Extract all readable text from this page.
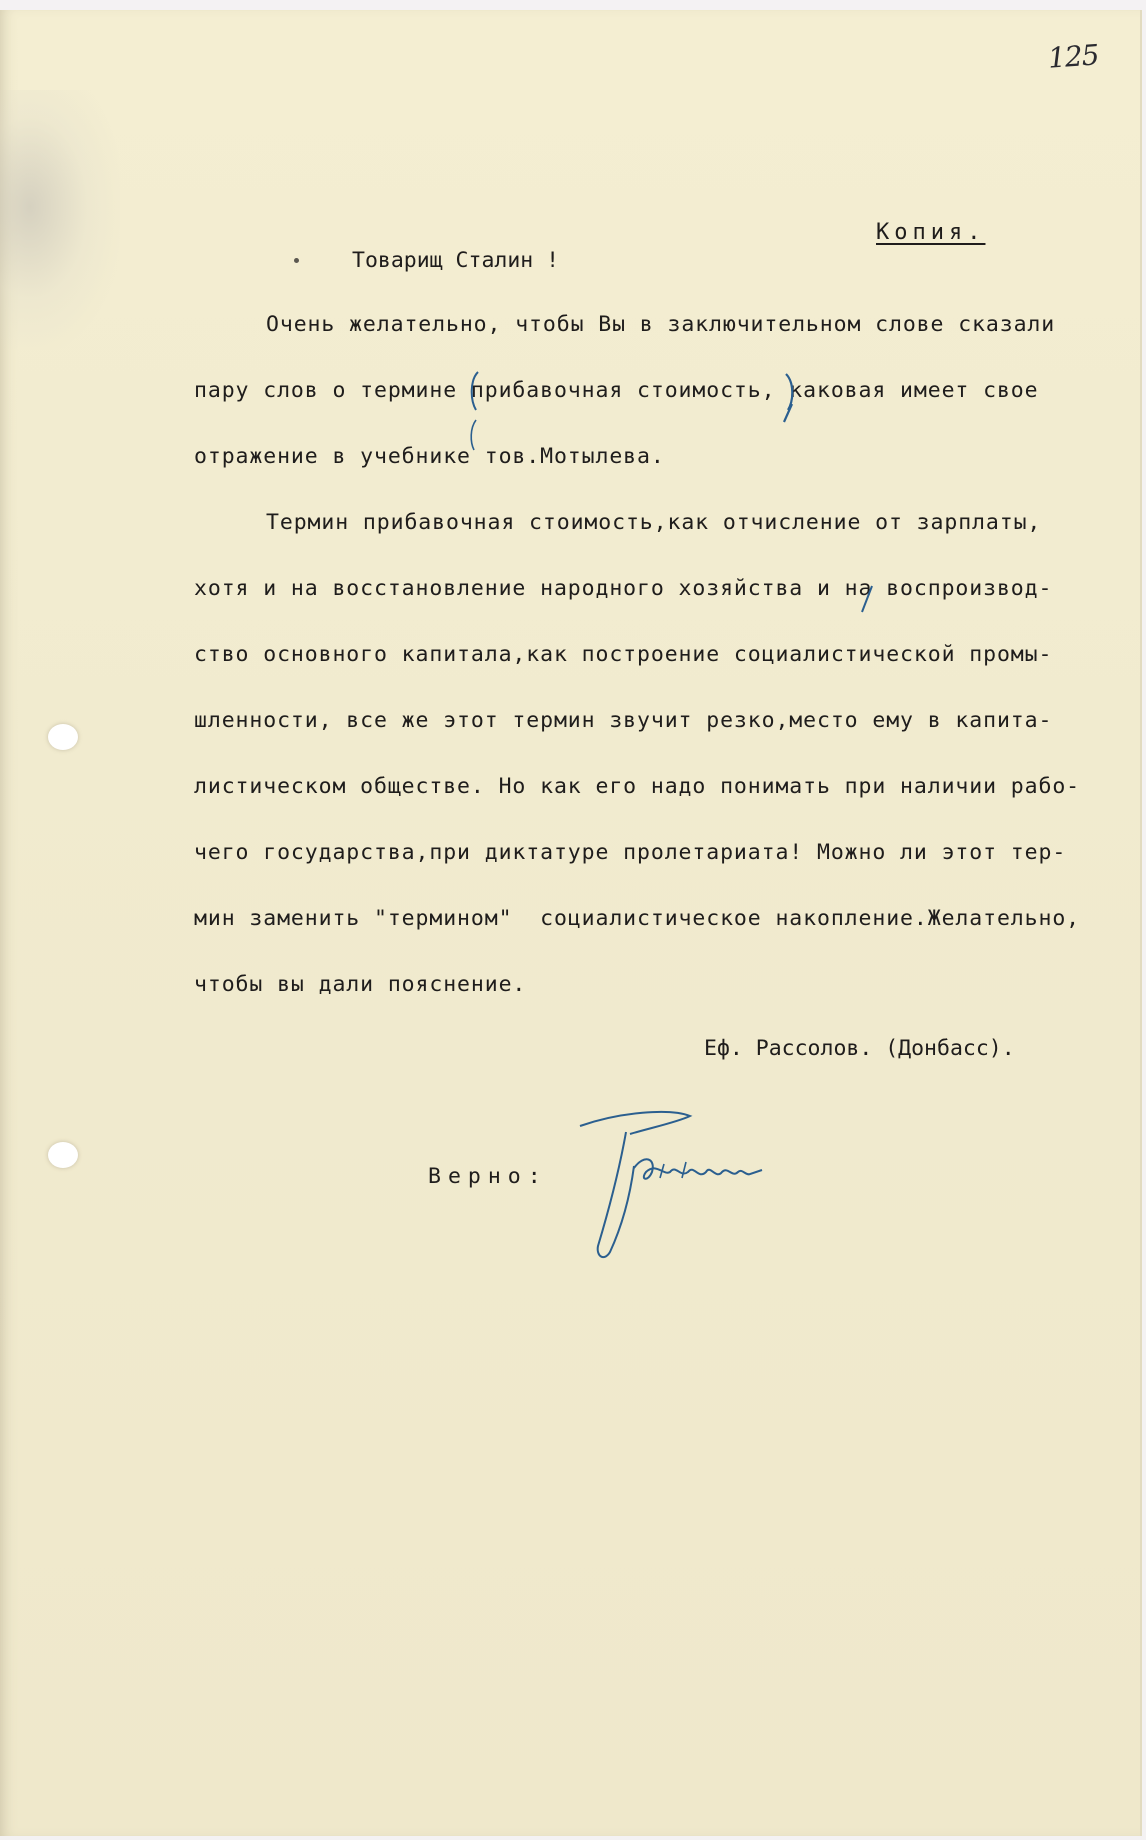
125
Копия.
Товарищ Сталин !
Очень желательно, чтобы Вы в заключительном слове сказали
пару слов о термине прибавочная стоимость, каковая имеет свое
отражение в учебнике тов.Мотылева.
Термин прибавочная стоимость,как отчисление от зарплаты,
хотя и на восстановление народного хозяйства и на воспроизвод-
ство основного капитала,как построение социалистической промы-
шленности, все же этот термин звучит резко,место ему в капита-
листическом обществе. Но как его надо понимать при наличии рабо-
чего государства,при диктатуре пролетариата! Можно ли этот тер-
мин заменить "термином"  социалистическое накопление.Желательно,
чтобы вы дали пояснение.
Еф. Рассолов. (Донбасс).
Верно:
